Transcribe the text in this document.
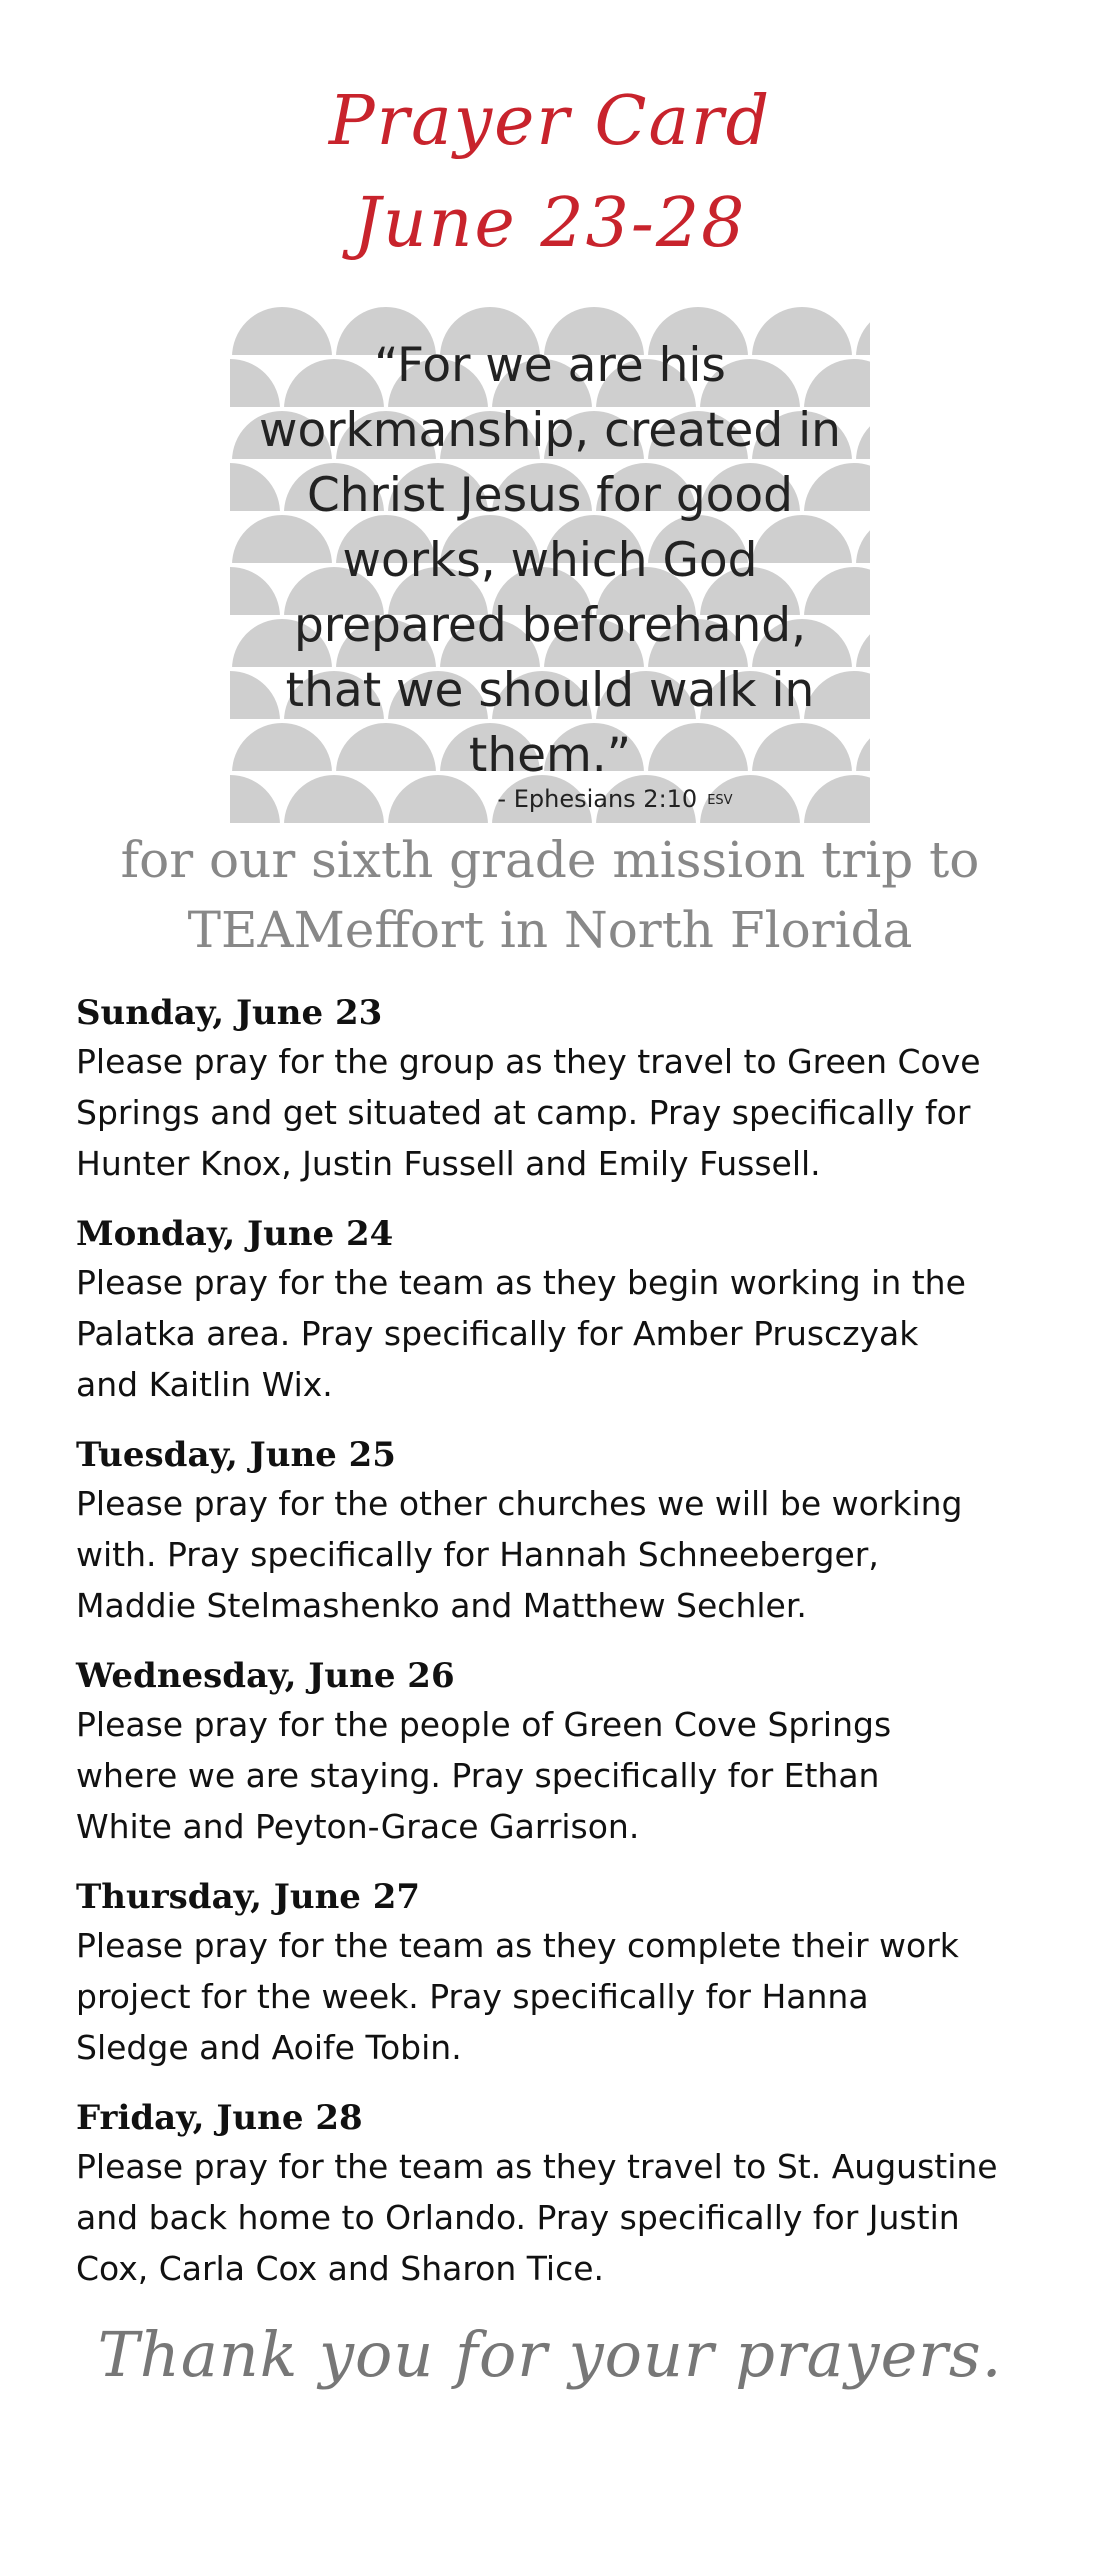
Prayer Card
June 23-28
“For we are his
workmanship, created in
Christ Jesus for good
works, which God
prepared beforehand,
that we should walk in
them.”
- Ephesians 2:10 ESV
for our sixth grade mission trip to
TEAMeffort in North Florida
Sunday, June 23
Please pray for the group as they travel to Green Cove
Springs and get situated at camp. Pray specifically for
Hunter Knox, Justin Fussell and Emily Fussell.
Monday, June 24
Please pray for the team as they begin working in the
Palatka area. Pray specifically for Amber Prusczyak
and Kaitlin Wix.
Tuesday, June 25
Please pray for the other churches we will be working
with. Pray specifically for Hannah Schneeberger,
Maddie Stelmashenko and Matthew Sechler.
Wednesday, June 26
Please pray for the people of Green Cove Springs
where we are staying. Pray specifically for Ethan
White and Peyton-Grace Garrison.
Thursday, June 27
Please pray for the team as they complete their work
project for the week. Pray specifically for Hanna
Sledge and Aoife Tobin.
Friday, June 28
Please pray for the team as they travel to St. Augustine
and back home to Orlando. Pray specifically for Justin
Cox, Carla Cox and Sharon Tice.
Thank you for your prayers.
